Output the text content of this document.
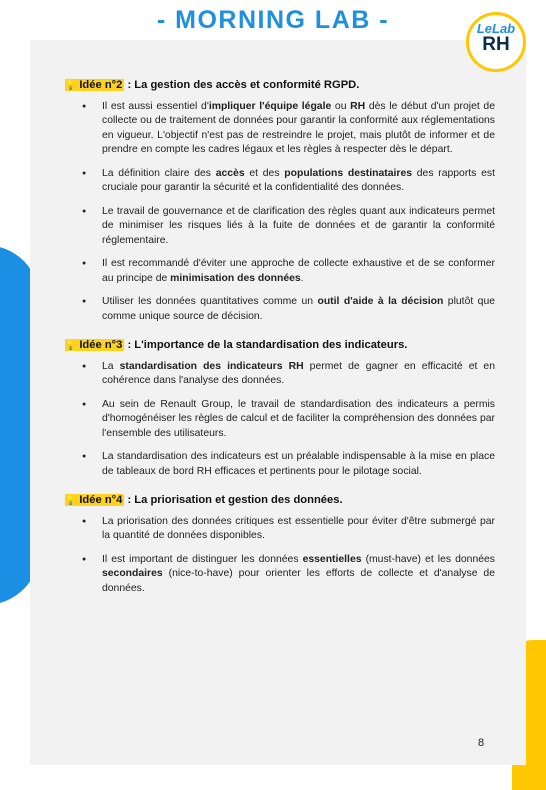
- MORNING LAB -	LeLab
RH
💡 Idée n°2 : La gestion des accès et conformité RGPD.
● Il est aussi essentiel d'impliquer l'équipe légale ou RH dès le début d'un projet de collecte ou de traitement de données pour garantir la conformité aux réglementations en vigueur. L'objectif n'est pas de restreindre le projet, mais plutôt de informer et de prendre en compte les cadres légaux et les règles à respecter dès le départ.
● La définition claire des accès et des populations destinataires des rapports est cruciale pour garantir la sécurité et la confidentialité des données.
● Le travail de gouvernance et de clarification des règles quant aux indicateurs permet de minimiser les risques liés à la fuite de données et de garantir la conformité réglementaire.
● Il est recommandé d'éviter une approche de collecte exhaustive et de se conformer au principe de minimisation des données.
● Utiliser les données quantitatives comme un outil d'aide à la décision plutôt que comme unique source de décision.
💡 Idée n°3 : L'importance de la standardisation des indicateurs.
● La standardisation des indicateurs RH permet de gagner en efficacité et en cohérence dans l'analyse des données.
● Au sein de Renault Group, le travail de standardisation des indicateurs a permis d'homogénéiser les règles de calcul et de faciliter la compréhension des données par l'ensemble des utilisateurs.
● La standardisation des indicateurs est un préalable indispensable à la mise en place de tableaux de bord RH efficaces et pertinents pour le pilotage social.
💡 Idée n°4 : La priorisation et gestion des données.
● La priorisation des données critiques est essentielle pour éviter d'être submergé par la quantité de données disponibles.
● Il est important de distinguer les données essentielles (must-have) et les données secondaires (nice-to-have) pour orienter les efforts de collecte et d'analyse de données.
8
